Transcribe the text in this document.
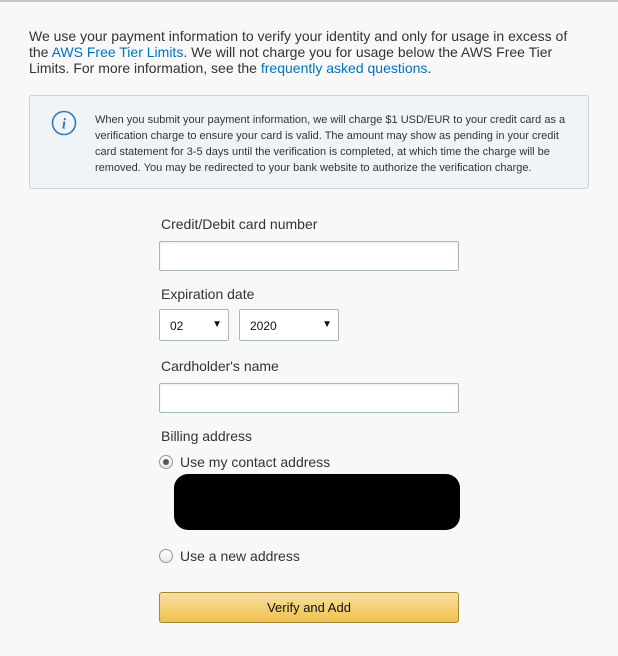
We use your payment information to verify your identity and only for usage in excess of the AWS Free Tier Limits. We will not charge you for usage below the AWS Free Tier Limits. For more information, see the frequently asked questions.

i	When you submit your payment information, we will charge $1 USD/EUR to your credit card as a verification charge to ensure your card is valid. The amount may show as pending in your credit card statement for 3-5 days until the verification is completed, at which time the charge will be removed. You may be redirected to your bank website to authorize the verification charge.

Credit/Debit card number
Expiration date
02	▼ 2020	▼
Cardholder's name
Billing address
Use my contact address
Use a new address
Verify and Add
